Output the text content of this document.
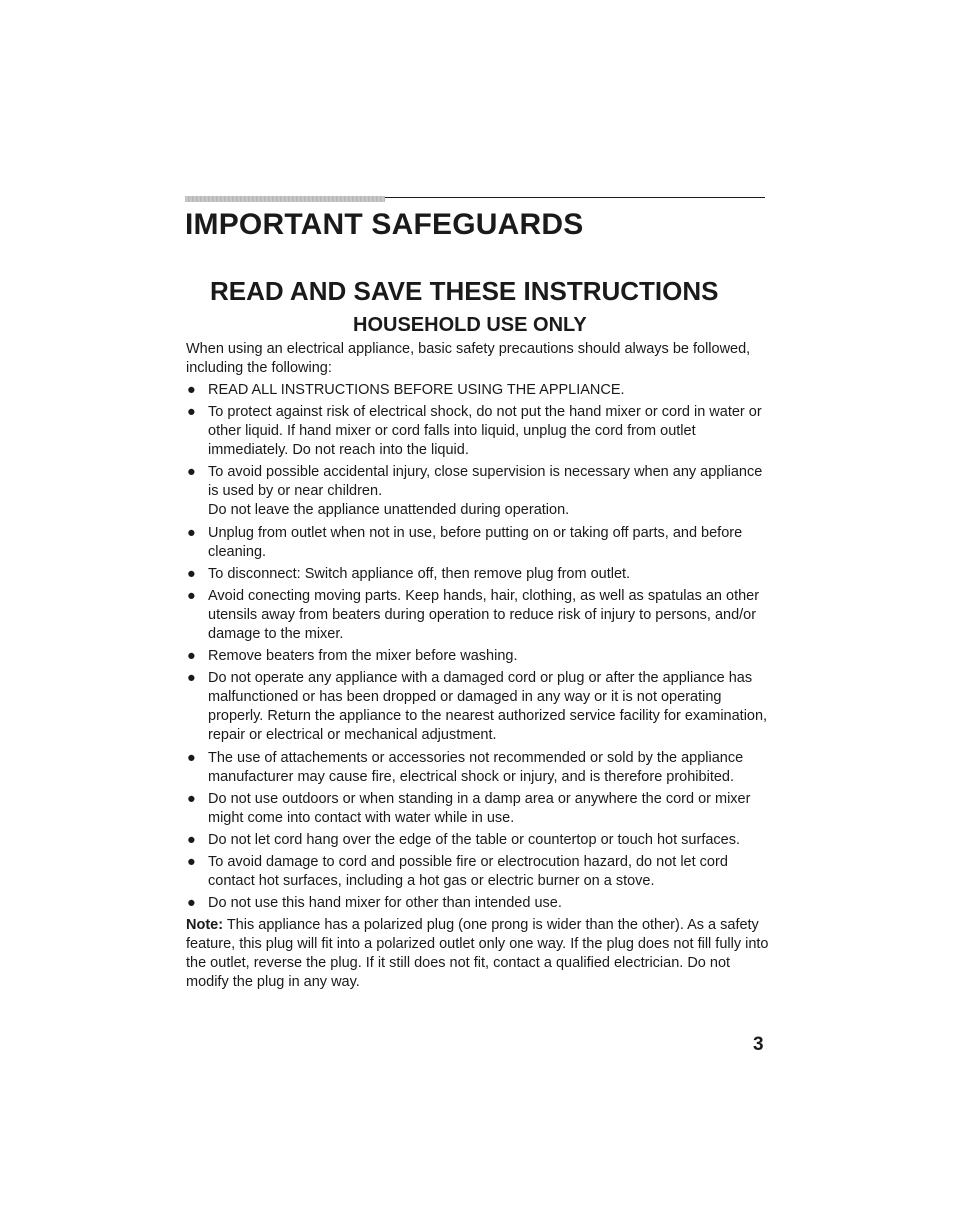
IMPORTANT SAFEGUARDS
READ AND SAVE THESE INSTRUCTIONS
HOUSEHOLD USE ONLY

When using an electrical appliance, basic safety precautions should always be followed, including the following:

● READ ALL INSTRUCTIONS BEFORE USING THE APPLIANCE.
● To protect against risk of electrical shock, do not put the hand mixer or cord in water or other liquid. If hand mixer or cord falls into liquid, unplug the cord from outlet immediately. Do not reach into the liquid.
● To avoid possible accidental injury, close supervision is necessary when any appliance is used by or near children.
Do not leave the appliance unattended during operation.
● Unplug from outlet when not in use, before putting on or taking off parts, and before cleaning.
● To disconnect: Switch appliance off, then remove plug from outlet.
● Avoid conecting moving parts. Keep hands, hair, clothing, as well as spatulas an other utensils away from beaters during operation to reduce risk of injury to persons, and/or damage to the mixer.
● Remove beaters from the mixer before washing.
● Do not operate any appliance with a damaged cord or plug or after the appliance has malfunctioned or has been dropped or damaged in any way or it is not operating properly. Return the appliance to the nearest authorized service facility for examination, repair or electrical or mechanical adjustment.
● The use of attachements or accessories not recommended or sold by the appliance manufacturer may cause fire, electrical shock or injury, and is therefore prohibited.
● Do not use outdoors or when standing in a damp area or anywhere the cord or mixer might come into contact with water while in use.
● Do not let cord hang over the edge of the table or countertop or touch hot surfaces.
● To avoid damage to cord and possible fire or electrocution hazard, do not let cord contact hot surfaces, including a hot gas or electric burner on a stove.
● Do not use this hand mixer for other than intended use.

Note: This appliance has a polarized plug (one prong is wider than the other). As a safety feature, this plug will fit into a polarized outlet only one way. If the plug does not fill fully into the outlet, reverse the plug. If it still does not fit, contact a qualified electrician. Do not modify the plug in any way.

3
